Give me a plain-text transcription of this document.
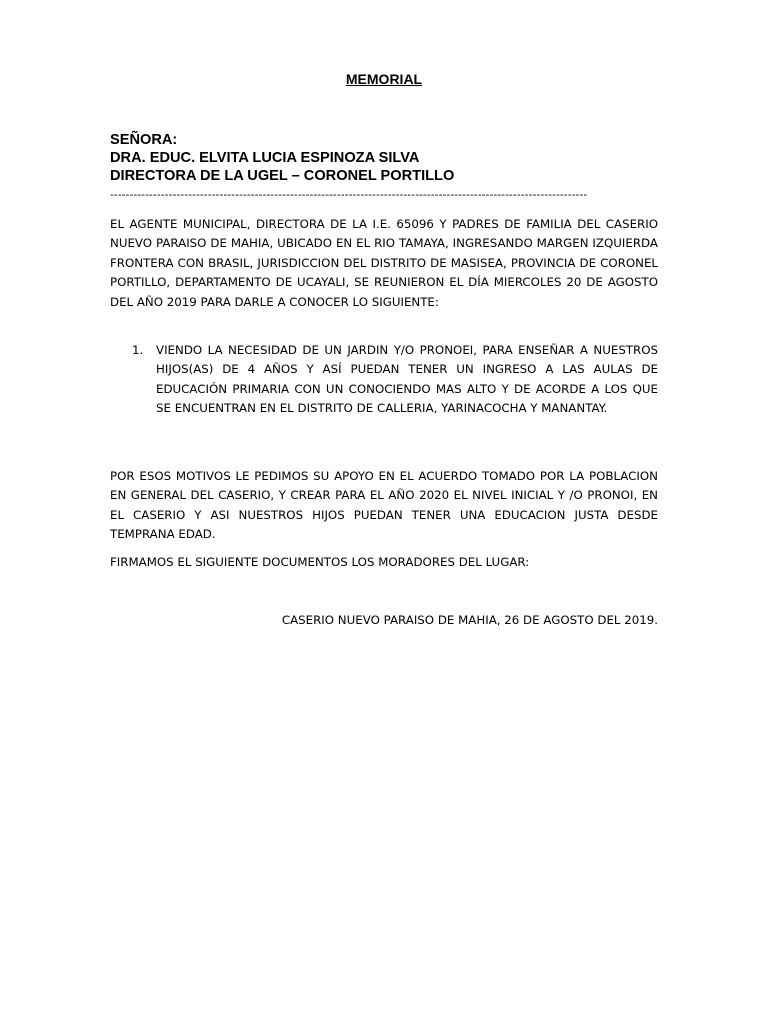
MEMORIAL
SEÑORA:
DRA. EDUC. ELVITA LUCIA ESPINOZA SILVA
DIRECTORA DE LA UGEL – CORONEL PORTILLO
--------------------------------------------------------------------------------------------------------------------------
EL AGENTE MUNICIPAL, DIRECTORA DE LA I.E. 65096 Y PADRES DE FAMILIA DEL CASERIO NUEVO PARAISO DE MAHIA, UBICADO EN EL RIO TAMAYA, INGRESANDO MARGEN IZQUIERDA FRONTERA CON BRASIL, JURISDICCION DEL DISTRITO DE MASISEA, PROVINCIA DE CORONEL PORTILLO, DEPARTAMENTO DE UCAYALI, SE REUNIERON EL DÍA MIERCOLES 20 DE AGOSTO DEL AÑO 2019 PARA DARLE A CONOCER LO SIGUIENTE:
1. VIENDO LA NECESIDAD DE UN JARDIN Y/O PRONOEI, PARA ENSEÑAR A NUESTROS HIJOS(AS) DE 4 AÑOS Y ASÍ PUEDAN TENER UN INGRESO A LAS AULAS DE EDUCACIÓN PRIMARIA CON UN CONOCIENDO MAS ALTO Y DE ACORDE A LOS QUE SE ENCUENTRAN EN EL DISTRITO DE CALLERIA, YARINACOCHA Y MANANTAY.
POR ESOS MOTIVOS LE PEDIMOS SU APOYO EN EL ACUERDO TOMADO POR LA POBLACION EN GENERAL DEL CASERIO, Y CREAR PARA EL AÑO 2020 EL NIVEL INICIAL Y /O PRONOI, EN EL CASERIO Y ASI NUESTROS HIJOS PUEDAN TENER UNA EDUCACION JUSTA DESDE TEMPRANA EDAD.
FIRMAMOS EL SIGUIENTE DOCUMENTOS LOS MORADORES DEL LUGAR:
CASERIO NUEVO PARAISO DE MAHIA, 26 DE AGOSTO DEL 2019.
